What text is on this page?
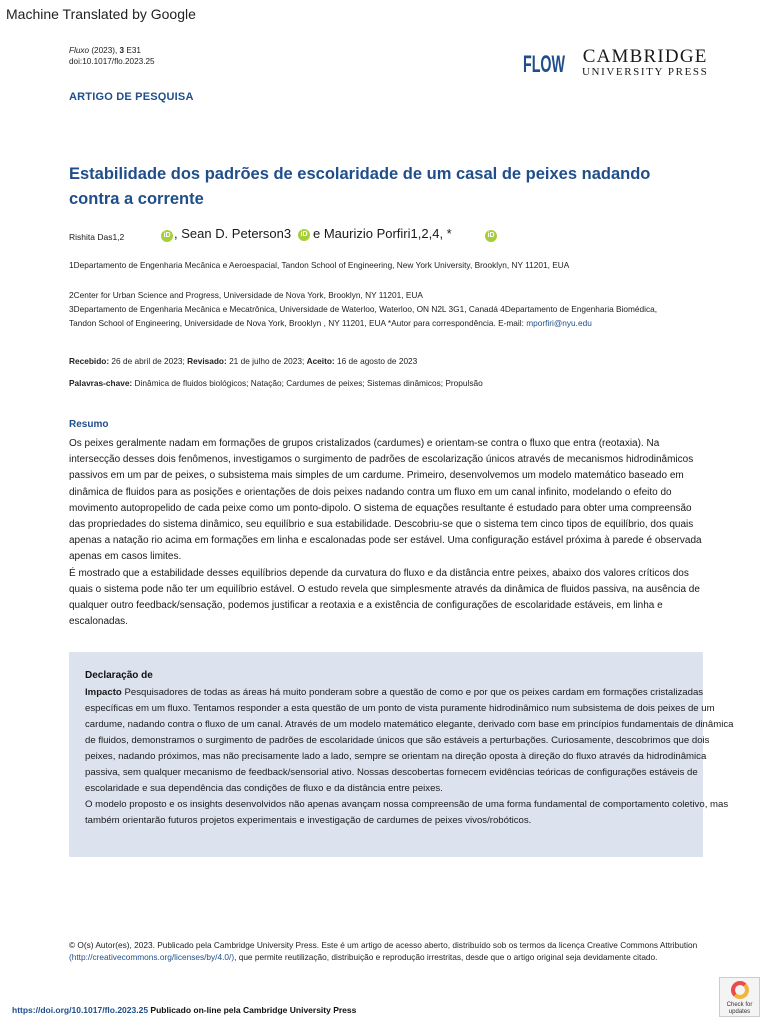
Machine Translated by Google
Fluxo (2023), 3 E31
doi:10.1017/flo.2023.25	FLOW CAMBRIDGE
UNIVERSITY PRESS
ARTIGO DE PESQUISA
Estabilidade dos padrões de escolaridade de um casal de peixes nadando contra a corrente
Rishita Das1,2	iD , Sean D. Peterson3	iD e Maurizio Porfiri1,2,4, *	iD
1Departamento de Engenharia Mecânica e Aeroespacial, Tandon School of Engineering, New York University, Brooklyn, NY 11201, EUA
2Center for Urban Science and Progress, Universidade de Nova York, Brooklyn, NY 11201, EUA
3Departamento de Engenharia Mecânica e Mecatrônica, Universidade de Waterloo, Waterloo, ON N2L 3G1, Canadá 4Departamento de Engenharia Biomédica, Tandon School of Engineering, Universidade de Nova York, Brooklyn , NY 11201, EUA *Autor para correspondência. E-mail: mporfiri@nyu.edu
Recebido: 26 de abril de 2023; Revisado: 21 de julho de 2023; Aceito: 16 de agosto de 2023
Palavras-chave: Dinâmica de fluidos biológicos; Natação; Cardumes de peixes; Sistemas dinâmicos; Propulsão
Resumo

Os peixes geralmente nadam em formações de grupos cristalizados (cardumes) e orientam-se contra o fluxo que entra (reotaxia). Na intersecção desses dois fenômenos, investigamos o surgimento de padrões de escolarização únicos através de mecanismos hidrodinâmicos passivos em um par de peixes, o subsistema mais simples de um cardume. Primeiro, desenvolvemos um modelo matemático baseado em dinâmica de fluidos para as posições e orientações de dois peixes nadando contra um fluxo em um canal infinito, modelando o efeito do movimento autopropelido de cada peixe como um ponto-dipolo. O sistema de equações resultante é estudado para obter uma compreensão das propriedades do sistema dinâmico, seu equilíbrio e sua estabilidade. Descobriu-se que o sistema tem cinco tipos de equilíbrio, dos quais apenas a natação rio acima em formações em linha e escalonadas pode ser estável. Uma configuração estável próxima à parede é observada apenas em casos limites.

É mostrado que a estabilidade desses equilíbrios depende da curvatura do fluxo e da distância entre peixes, abaixo dos valores críticos dos quais o sistema pode não ter um equilíbrio estável. O estudo revela que simplesmente através da dinâmica de fluidos passiva, na ausência de qualquer outro feedback/sensação, podemos justificar a reotaxia e a existência de configurações de escolaridade estáveis, em linha e escalonadas.

Declaração de
Impacto Pesquisadores de todas as áreas há muito ponderam sobre a questão de como e por que os peixes cardam em formações cristalizadas específicas em um fluxo. Tentamos responder a esta questão de um ponto de vista puramente hidrodinâmico num subsistema de dois peixes de um cardume, nadando contra o fluxo de um canal. Através de um modelo matemático elegante, derivado com base em princípios fundamentais de dinâmica de fluidos, demonstramos o surgimento de padrões de escolaridade únicos que são estáveis a perturbações. Curiosamente, descobrimos que dois peixes, nadando próximos, mas não precisamente lado a lado, sempre se orientam na direção oposta à direção do fluxo através da hidrodinâmica passiva, sem qualquer mecanismo de feedback/sensorial ativo. Nossas descobertas fornecem evidências teóricas de configurações estáveis de escolaridade e sua dependência das condições de fluxo e da distância entre peixes.
O modelo proposto e os insights desenvolvidos não apenas avançam nossa compreensão de uma forma fundamental de comportamento coletivo, mas também orientarão futuros projetos experimentais e investigação de cardumes de peixes vivos/robóticos.
© O(s) Autor(es), 2023. Publicado pela Cambridge University Press. Este é um artigo de acesso aberto, distribuído sob os termos da licença Creative Commons Attribution (http://creativecommons.org/licenses/by/4.0/), que permite reutilização, distribuição e reprodução irrestritas, desde que o artigo original seja devidamente citado.
https://doi.org/10.1017/flo.2023.25 Publicado on-line pela Cambridge University Press	Check for
updates
